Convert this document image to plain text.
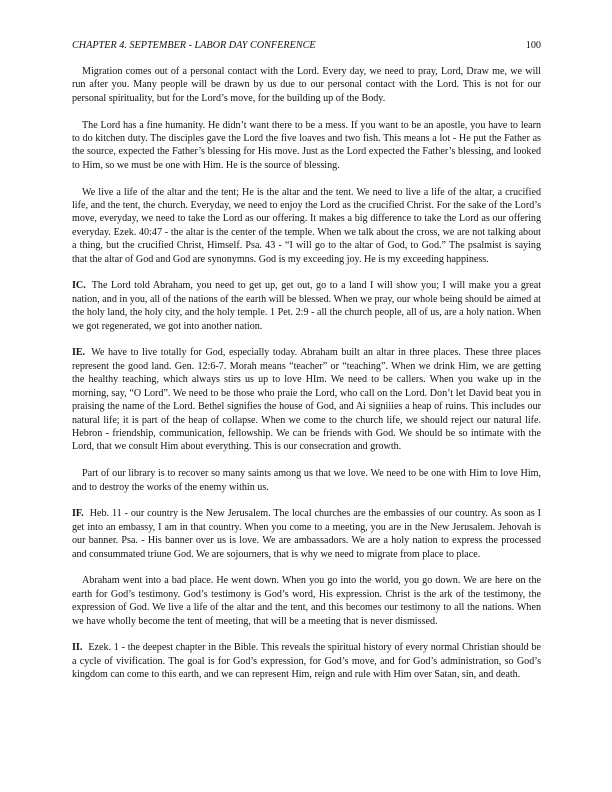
CHAPTER 4. SEPTEMBER - LABOR DAY CONFERENCE	100

Migration comes out of a personal contact with the Lord. Every day, we need to pray, Lord, Draw me, we will run after you. Many people will be drawn by us due to our personal contact with the Lord. This is not for our personal spirituality, but for the Lord’s move, for the building up of the Body.

The Lord has a fine humanity. He didn’t want there to be a mess. If you want to be an apostle, you have to learn to do kitchen duty. The disciples gave the Lord the five loaves and two fish. This means a lot - He put the Father as the source, expected the Father’s blessing for His move. Just as the Lord expected the Father’s blessing, and looked to Him, so we must be one with Him. He is the source of blessing.

We live a life of the altar and the tent; He is the altar and the tent. We need to live a life of the altar, a crucified life, and the tent, the church. Everyday, we need to enjoy the Lord as the crucified Christ. For the sake of the Lord’s move, everyday, we need to take the Lord as our offering. It makes a big difference to take the Lord as our offering everyday. Ezek. 40:47 - the altar is the center of the temple. When we talk about the cross, we are not talking about a thing, but the crucified Christ, Himself. Psa. 43 - “I will go to the altar of God, to God.” The psalmist is saying that the altar of God and God are synonymns. God is my exceeding joy. He is my exceeding happiness.

IC. The Lord told Abraham, you need to get up, get out, go to a land I will show you; I will make you a great nation, and in you, all of the nations of the earth will be blessed. When we pray, our whole being should be aimed at the holy land, the holy city, and the holy temple. 1 Pet. 2:9 - all the church people, all of us, are a holy nation. When we got regenerated, we got into another nation.

IE. We have to live totally for God, especially today. Abraham built an altar in three places. These three places represent the good land. Gen. 12:6-7. Morah means “teacher” or “teaching”. When we drink Him, we are getting the healthy teaching, which always stirs us up to love HIm. We need to be callers. When you wake up in the morning, say, “O Lord”. We need to be those who praie the Lord, who call on the Lord. Don’t let David beat you in praising the name of the Lord. Bethel signifies the house of God, and Ai signiiies a heap of ruins. This includes our natural life; it is part of the heap of collapse. When we come to the church life, we should reject our natural life. Hebron - friendship, communication, fellowship. We can be friends with God. We should be so intimate with the Lord, that we consult Him about everything. This is our consecration and growth.

Part of our library is to recover so many saints among us that we love. We need to be one with Him to love Him, and to destroy the works of the enemy within us.

IF. Heb. 11 - our country is the New Jerusalem. The local churches are the embassies of our country. As soon as I get into an embassy, I am in that country. When you come to a meeting, you are in the New Jerusalem. Jehovah is our banner. Psa. - His banner over us is love. We are ambassadors. We are a holy nation to express the processed and consummated triune God. We are sojourners, that is why we need to migrate from place to place.

Abraham went into a bad place. He went down. When you go into the world, you go down. We are here on the earth for God’s testimony. God’s testimony is God’s word, His expression. Christ is the ark of the testimony, the expression of God. We live a life of the altar and the tent, and this becomes our testimony to all the nations. When we have wholly become the tent of meeting, that will be a meeting that is never dismissed.

II. Ezek. 1 - the deepest chapter in the Bible. This reveals the spiritual history of every normal Christian should be a cycle of vivification. The goal is for God’s expression, for God’s move, and for God’s administration, so God’s kingdom can come to this earth, and we can represent Him, reign and rule with Him over Satan, sin, and death.
